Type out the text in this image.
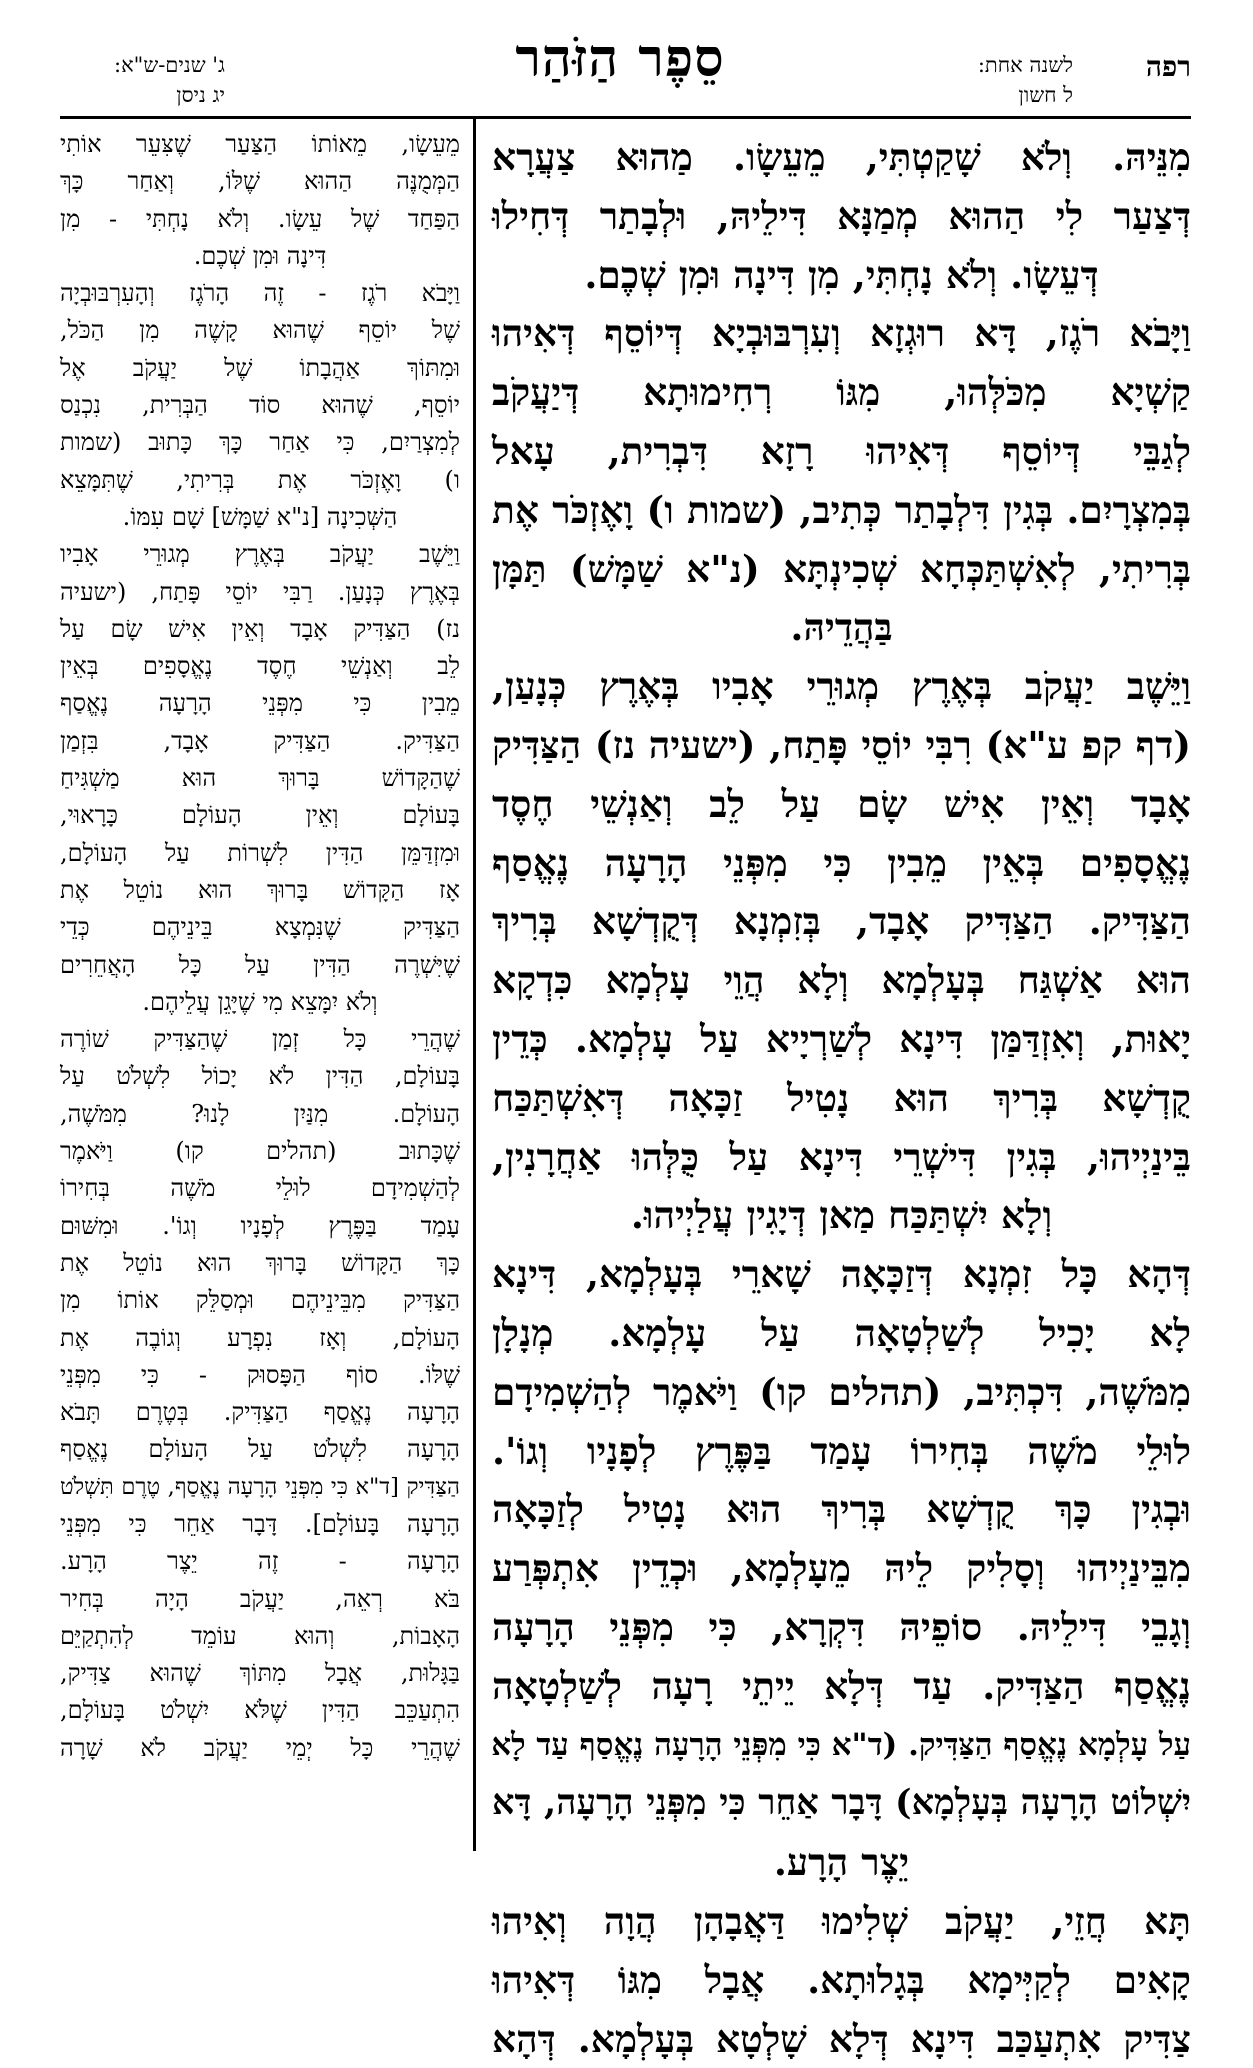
רפה
לשנה אחת:
ל חשון
סֵפֶר הַזֹּהַר
ג' שנים-ש"א:
יג ניסן
מִנֵּיהּ. וְלֹא שָׁקַטְתִּי, מֵעֵשָׂו. מַהוּא צַעֲרָא
דְּצַעַר לִי הַהוּא מְמַנָּא דִּילֵיהּ, וּלְבָתַר דְּחִילוּ
דְּעֵשָׂו. וְלֹא נָחְתִּי, מִן דִּינָה וּמִן שְׁכֶם.
וַיָּבֹא רֹגֶז, דָּא רוּגְזָא וְעִרְבּוּבְיָא דְּיוֹסֵף דְּאִיהוּ
קַשְׁיָא מִכֹּלְּהוּ, מִגּוֹ רְחִימוּתָא דְּיַעֲקֹב
לְגַבֵּי דְּיוֹסֵף דְּאִיהוּ רָזָא דִּבְרִית, עָאל
בְּמִצְרָיִם. בְּגִין דִּלְבָתַר כְּתִיב, (שמות ו) וָאֶזְכֹּר אֶת
בְּרִיתִי, לְאִשְׁתַּכְּחָא שְׁכִינְתָּא (נ"א שַׁמָּשׁ) תַּמָּן
בַּהֲדֵיהּ.
וַיֵּשֶׁב יַעֲקֹב בְּאֶרֶץ מְגוּרֵי אָבִיו בְּאֶרֶץ כְּנָעַן,
(דף קפ ע"א) רִבִּי יוֹסֵי פָּתַח, (ישעיה נז) הַצַּדִּיק
אָבָד וְאֵין אִישׁ שָׂם עַל לֵב וְאַנְשֵׁי חֶסֶד
נֶאֱסָפִים בְּאֵין מֵבִין כִּי מִפְּנֵי הָרָעָה נֶאֱסַף
הַצַּדִּיק. הַצַּדִּיק אָבָד, בְּזִמְנָא דְּקֻדְשָׁא בְּרִיךְ
הוּא אַשְׁגַּח בְּעָלְמָא וְלָא הֲוֵי עָלְמָא כִּדְקָא
יָאוּת, וְאִזְדַּמַּן דִּינָא לְשַׁרְיָיא עַל עָלְמָא. כְּדֵין
קֻדְשָׁא בְּרִיךְ הוּא נָטִיל זַכָּאָה דְּאִשְׁתַּכַּח
בֵּינַיְיהוּ, בְּגִין דִּישְׁרֵי דִּינָא עַל כֻּלְּהוּ אַחֲרָנִין,
וְלָא יִשְׁתַּכַּח מַאן דְּיָגִין עֲלַיְיהוּ.
דְּהָא כָּל זִמְנָא דְּזַכָּאָה שָׁארֵי בְּעָלְמָא, דִּינָא
לָא יָכִיל לְשַׁלְטָאָה עַל עָלְמָא. מְנָלָן
מִמֹּשֶׁה, דִּכְתִּיב, (תהלים קו) וַיֹּאמֶר לְהַשְׁמִידָם
לוּלֵי מֹשֶׁה בְּחִירוֹ עָמַד בַּפֶּרֶץ לְפָנָיו וְגוֹ'.
וּבְגִין כָּךְ קֻדְשָׁא בְּרִיךְ הוּא נָטִיל לְזַכָּאָה
מִבֵּינַיְיהוּ וְסָלִיק לֵיהּ מֵעָלְמָא, וּכְדֵין אִתְפְּרַע
וְגָבֵי דִּילֵיהּ. סוֹפֵיהּ דִּקְרָא, כִּי מִפְּנֵי הָרָעָה
נֶאֱסַף הַצַּדִּיק. עַד דְּלָא יֵיתֵי רָעָה לְשַׁלְטָאָה
עַל עָלְמָא נֶאֱסַף הַצַּדִּיק. (ד"א כִּי מִפְּנֵי הָרָעָה נֶאֱסַף עַד לָא
יִשְׁלוֹט הָרָעָה בְּעָלְמָא) דָּבָר אַחֵר כִּי מִפְּנֵי הָרָעָה, דָּא
יֵצֶר הָרָע.
תָּא חֲזֵי, יַעֲקֹב שְׁלִימוּ דַּאֲבָהָן הֲוָה וְאִיהוּ
קָאִים לְקַיְּימָא בְּגָלוּתָא. אֲבָל מִגּוֹ דְּאִיהוּ
צַדִּיק אִתְעַכַּב דִּינָא דְּלָא שָׁלְטָא בְּעָלְמָא. דְּהָא
מֵעֵשָׂו, מֵאוֹתוֹ הַצַּעַר שֶׁצִּעֵר אוֹתִי
הַמְּמֻנֶּה הַהוּא שֶׁלּוֹ, וְאַחַר כָּךְ
הַפַּחַד שֶׁל עֵשָׂו. וְלֹא נָחְתִּי - מִן
דִּינָה וּמִן שְׁכֶם.
וַיָּבֹא רֹגֶז - זֶה הָרֹגֶז וְהָעִרְבּוּבְיָה
שֶׁל יוֹסֵף שֶׁהוּא קָשֶׁה מִן הַכֹּל,
וּמִתּוֹךְ אַהֲבָתוֹ שֶׁל יַעֲקֹב אֶל
יוֹסֵף, שֶׁהוּא סוֹד הַבְּרִית, נִכְנַס
לְמִצְרַיִם, כִּי אַחַר כָּךְ כָּתוּב (שמות
ו) וָאֶזְכֹּר אֶת בְּרִיתִי, שֶׁתִּמָּצֵא
הַשְּׁכִינָה [נ"א שַׁמָּשׁ] שָׁם עִמּוֹ.
וַיֵּשֶׁב יַעֲקֹב בְּאֶרֶץ מְגוּרֵי אָבִיו
בְּאֶרֶץ כְּנָעַן. רַבִּי יוֹסֵי פָּתַח, (ישעיה
נז) הַצַּדִּיק אָבָד וְאֵין אִישׁ שָׂם עַל
לֵב וְאַנְשֵׁי חֶסֶד נֶאֱסָפִים בְּאֵין
מֵבִין כִּי מִפְּנֵי הָרָעָה נֶאֱסַף
הַצַּדִּיק. הַצַּדִּיק אָבָד, בִּזְמַן
שֶׁהַקָּדוֹשׁ בָּרוּךְ הוּא מַשְׁגִּיחַ
בָּעוֹלָם וְאֵין הָעוֹלָם כָּרָאוּי,
וּמִזְדַּמֵּן הַדִּין לִשְׁרוֹת עַל הָעוֹלָם,
אָז הַקָּדוֹשׁ בָּרוּךְ הוּא נוֹטֵל אֶת
הַצַּדִּיק שֶׁנִּמְצָא בֵּינֵיהֶם כְּדֵי
שֶׁיִּשְׁרֶה הַדִּין עַל כָּל הָאֲחֵרִים
וְלֹא יִמָּצֵא מִי שֶׁיָּגֵן עֲלֵיהֶם.
שֶׁהֲרֵי כָּל זְמַן שֶׁהַצַּדִּיק שׁוֹרֶה
בָּעוֹלָם, הַדִּין לֹא יָכוֹל לִשְׁלֹט עַל
הָעוֹלָם. מִנַּיִן לָנוּ? מִמֹּשֶׁה,
שֶׁכָּתוּב (תהלים קו) וַיֹּאמֶר
לְהַשְׁמִידָם לוּלֵי מֹשֶׁה בְּחִירוֹ
עָמַד בַּפֶּרֶץ לְפָנָיו וְגוֹ'. וּמִשּׁוּם
כָּךְ הַקָּדוֹשׁ בָּרוּךְ הוּא נוֹטֵל אֶת
הַצַּדִּיק מִבֵּינֵיהֶם וּמְסַלֵּק אוֹתוֹ מִן
הָעוֹלָם, וְאָז נִפְרָע וְגוֹבֶה אֶת
שֶׁלּוֹ. סוֹף הַפָּסוּק - כִּי מִפְּנֵי
הָרָעָה נֶאֱסַף הַצַּדִּיק. בְּטֶרֶם תָּבֹא
הָרָעָה לִשְׁלֹט עַל הָעוֹלָם נֶאֱסַף
הַצַּדִּיק [ד"א כִּי מִפְּנֵי הָרָעָה נֶאֱסַף, טֶרֶם תִּשְׁלֹט
הָרָעָה בָּעוֹלָם]. דָּבָר אַחֵר כִּי מִפְּנֵי
הָרָעָה - זֶה יֵצֶר הָרָע.
בֹּא רְאֵה, יַעֲקֹב הָיָה בְּחִיר
הָאָבוֹת, וְהוּא עוֹמֵד לְהִתְקַיֵּם
בַּגָּלוּת, אֲבָל מִתּוֹךְ שֶׁהוּא צַדִּיק,
הִתְעַכֵּב הַדִּין שֶׁלֹּא יִשְׁלֹט בָּעוֹלָם,
שֶׁהֲרֵי כָּל יְמֵי יַעֲקֹב לֹא שָׁרָה
